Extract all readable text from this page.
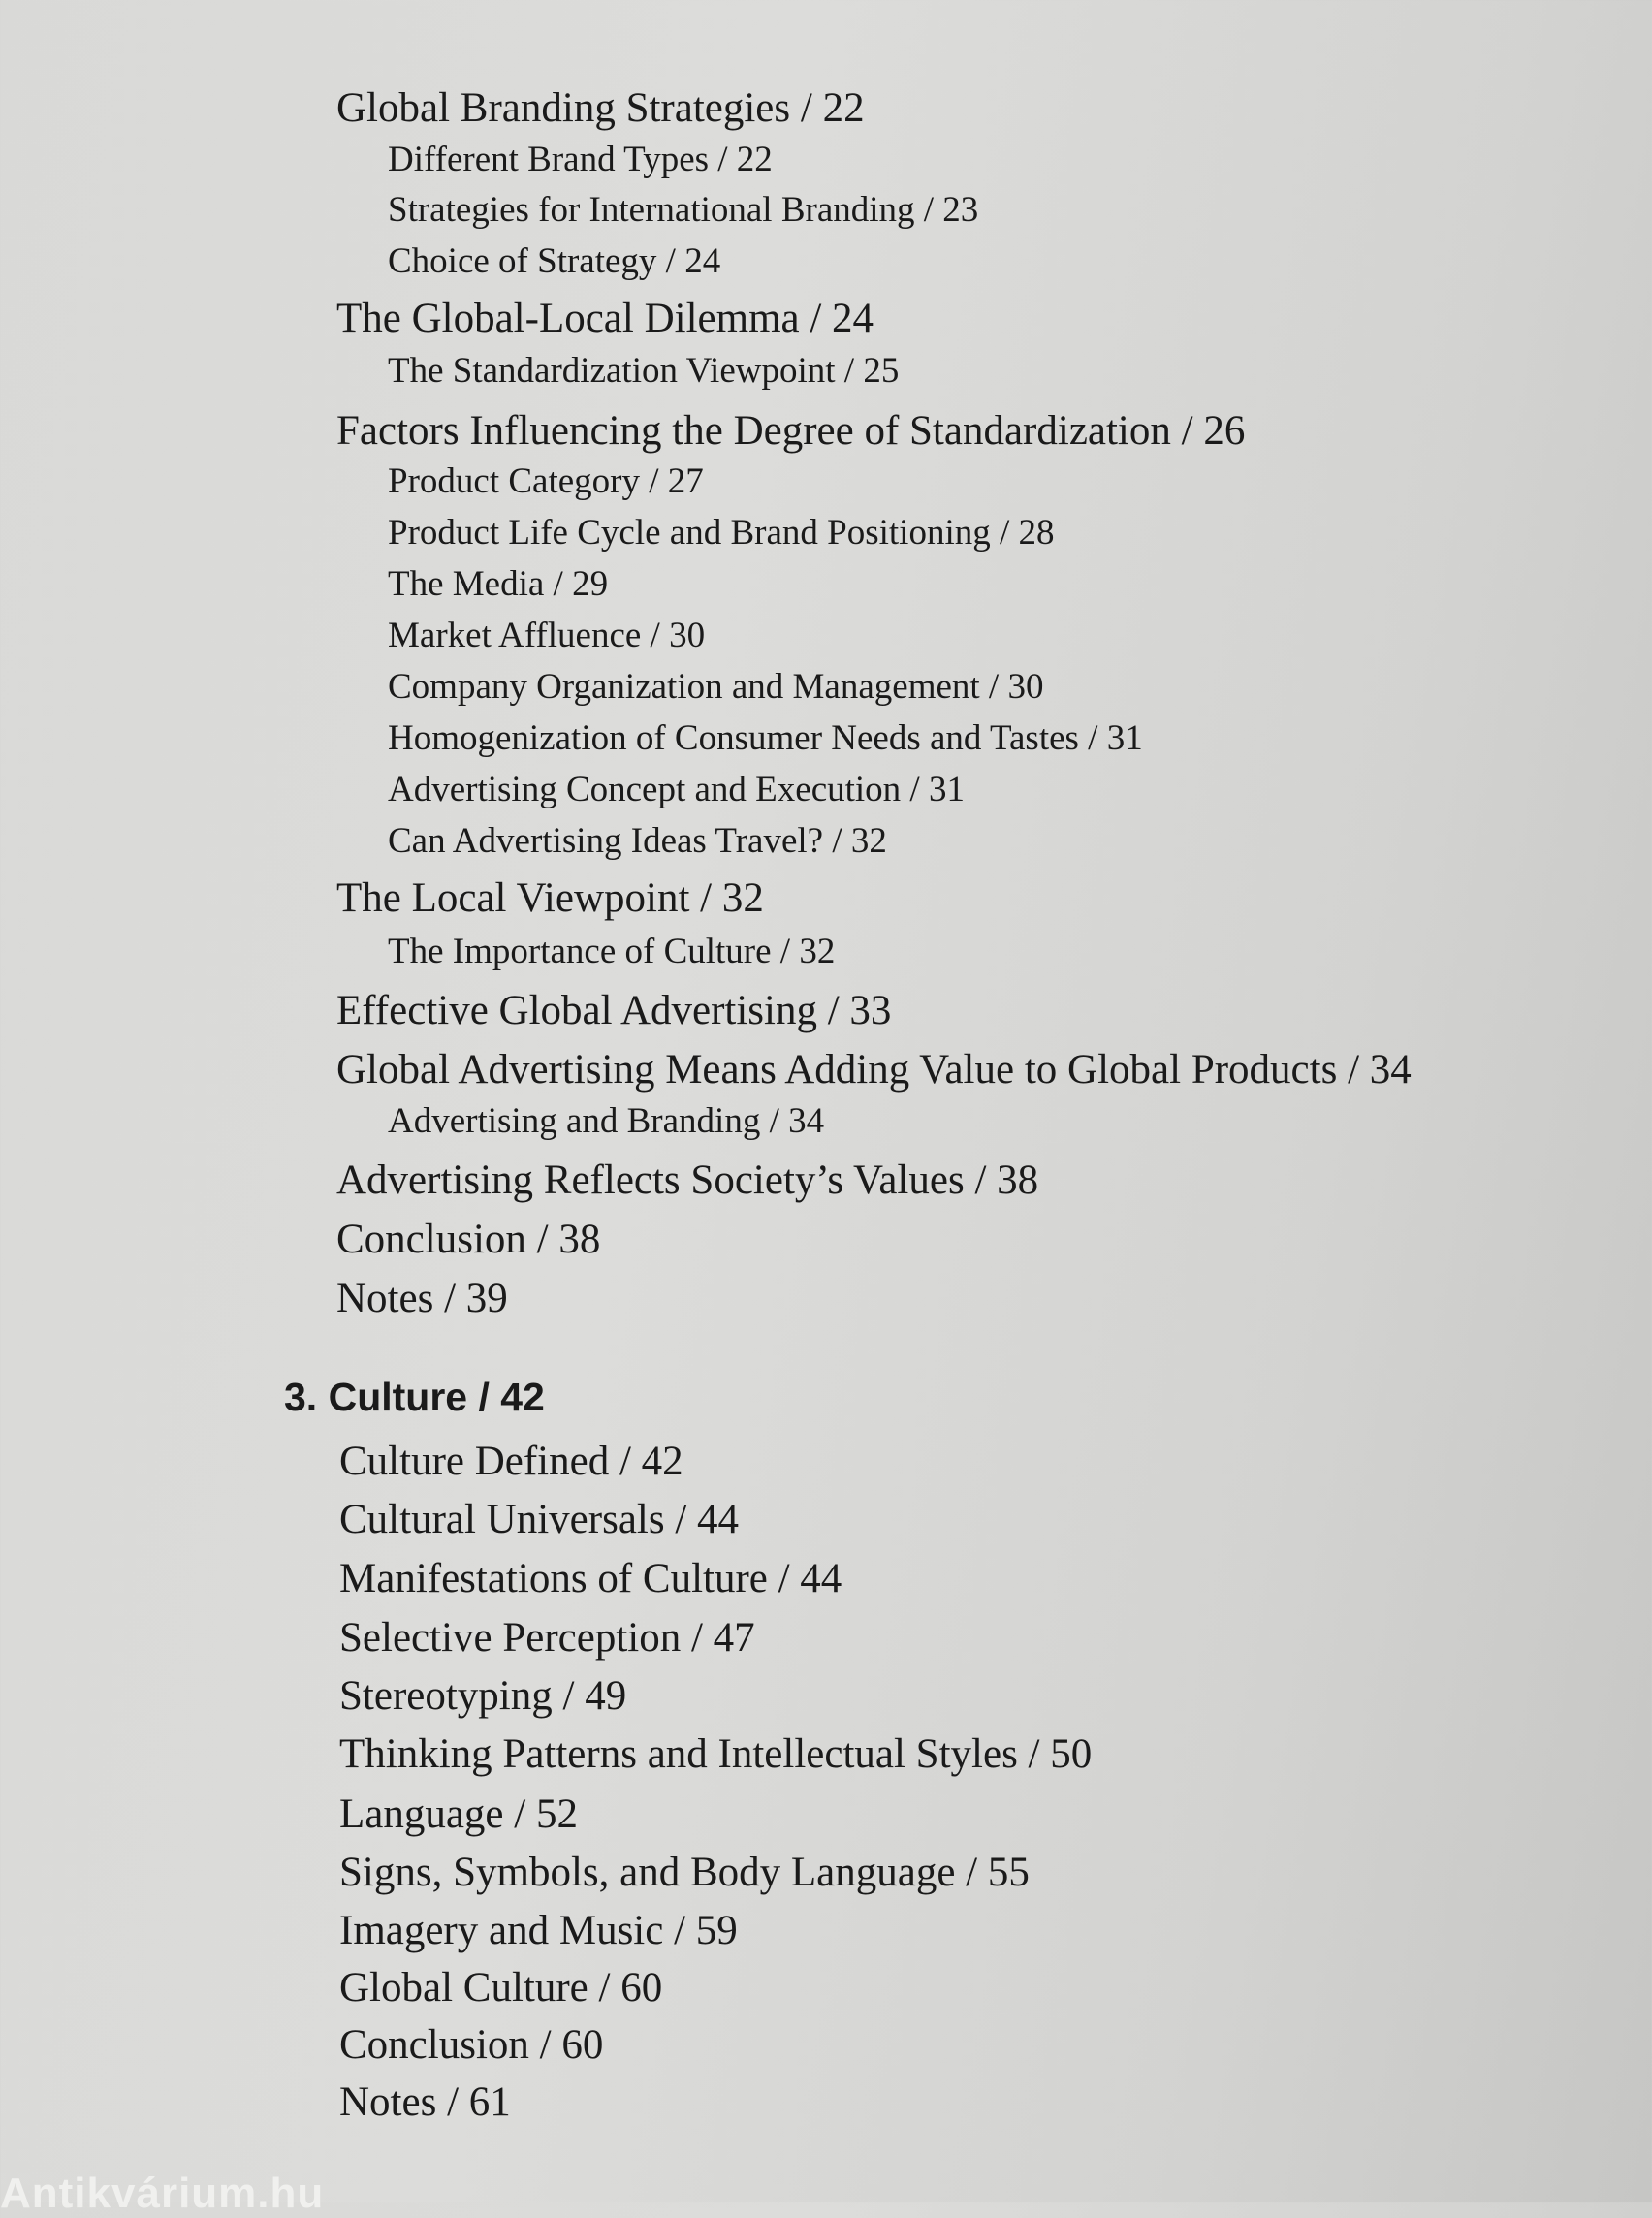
Global Branding Strategies / 22
Different Brand Types / 22
Strategies for International Branding / 23
Choice of Strategy / 24
The Global-Local Dilemma / 24
The Standardization Viewpoint / 25
Factors Influencing the Degree of Standardization / 26
Product Category / 27
Product Life Cycle and Brand Positioning / 28
The Media / 29
Market Affluence / 30
Company Organization and Management / 30
Homogenization of Consumer Needs and Tastes / 31
Advertising Concept and Execution / 31
Can Advertising Ideas Travel? / 32
The Local Viewpoint / 32
The Importance of Culture / 32
Effective Global Advertising / 33
Global Advertising Means Adding Value to Global Products / 34
Advertising and Branding / 34
Advertising Reflects Society’s Values / 38
Conclusion / 38
Notes / 39
3. Culture / 42
Culture Defined / 42
Cultural Universals / 44
Manifestations of Culture / 44
Selective Perception / 47
Stereotyping / 49
Thinking Patterns and Intellectual Styles / 50
Language / 52
Signs, Symbols, and Body Language / 55
Imagery and Music / 59
Global Culture / 60
Conclusion / 60
Notes / 61
Antikvárium.hu
